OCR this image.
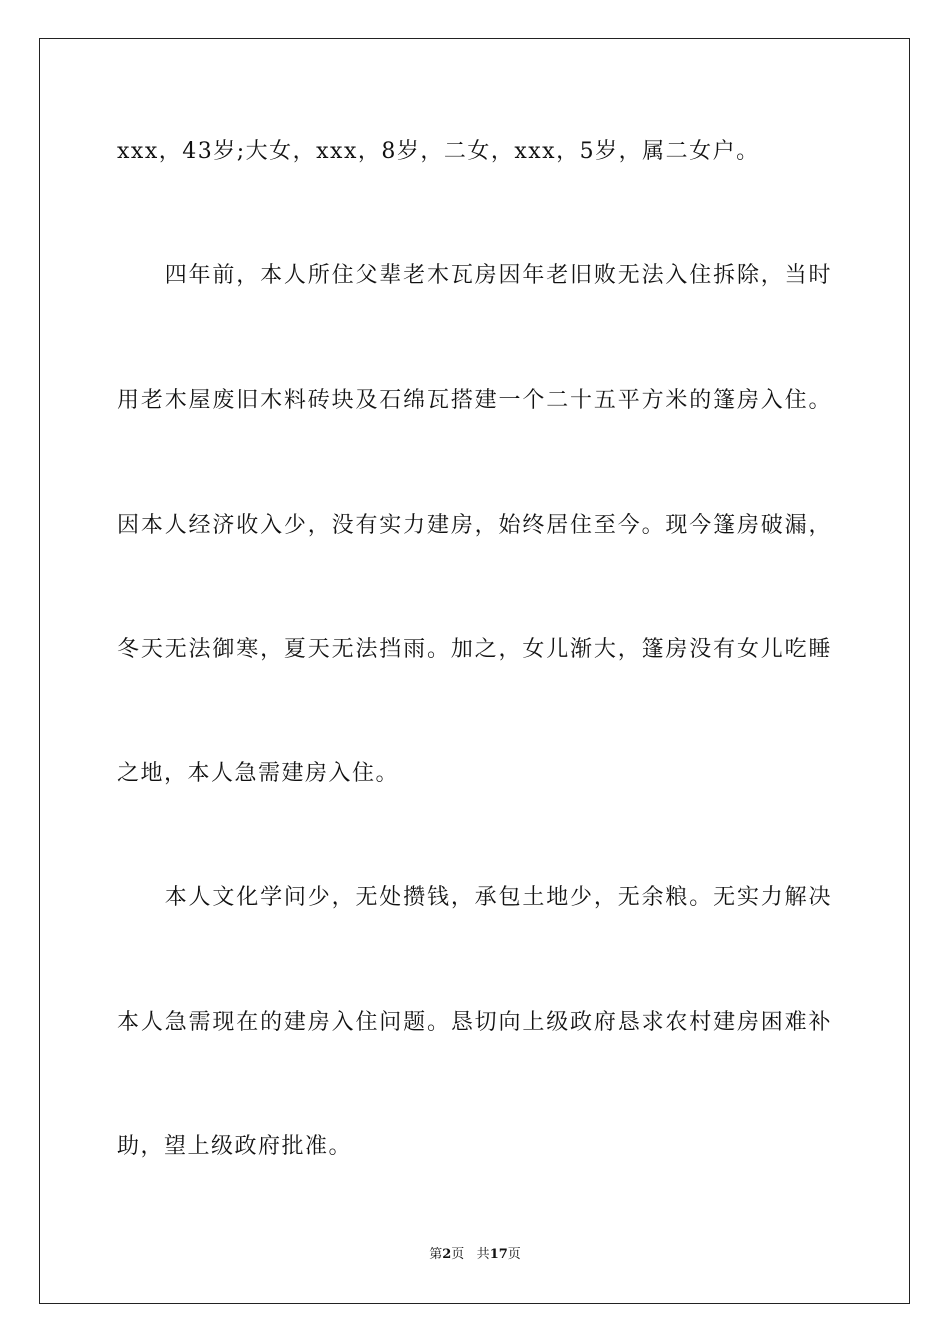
xxx，43岁;大女，xxx，8岁，二女，xxx，5岁，属二女户。
　　四年前，本人所住父辈老木瓦房因年老旧败无法入住拆除，当时
用老木屋废旧木料砖块及石绵瓦搭建一个二十五平方米的篷房入住。
因本人经济收入少，没有实力建房，始终居住至今。现今篷房破漏，
冬天无法御寒，夏天无法挡雨。加之，女儿渐大，篷房没有女儿吃睡
之地，本人急需建房入住。
　　本人文化学问少，无处攒钱，承包土地少，无余粮。无实力解决
本人急需现在的建房入住问题。恳切向上级政府恳求农村建房困难补
助，望上级政府批准。
第2页 共17页
